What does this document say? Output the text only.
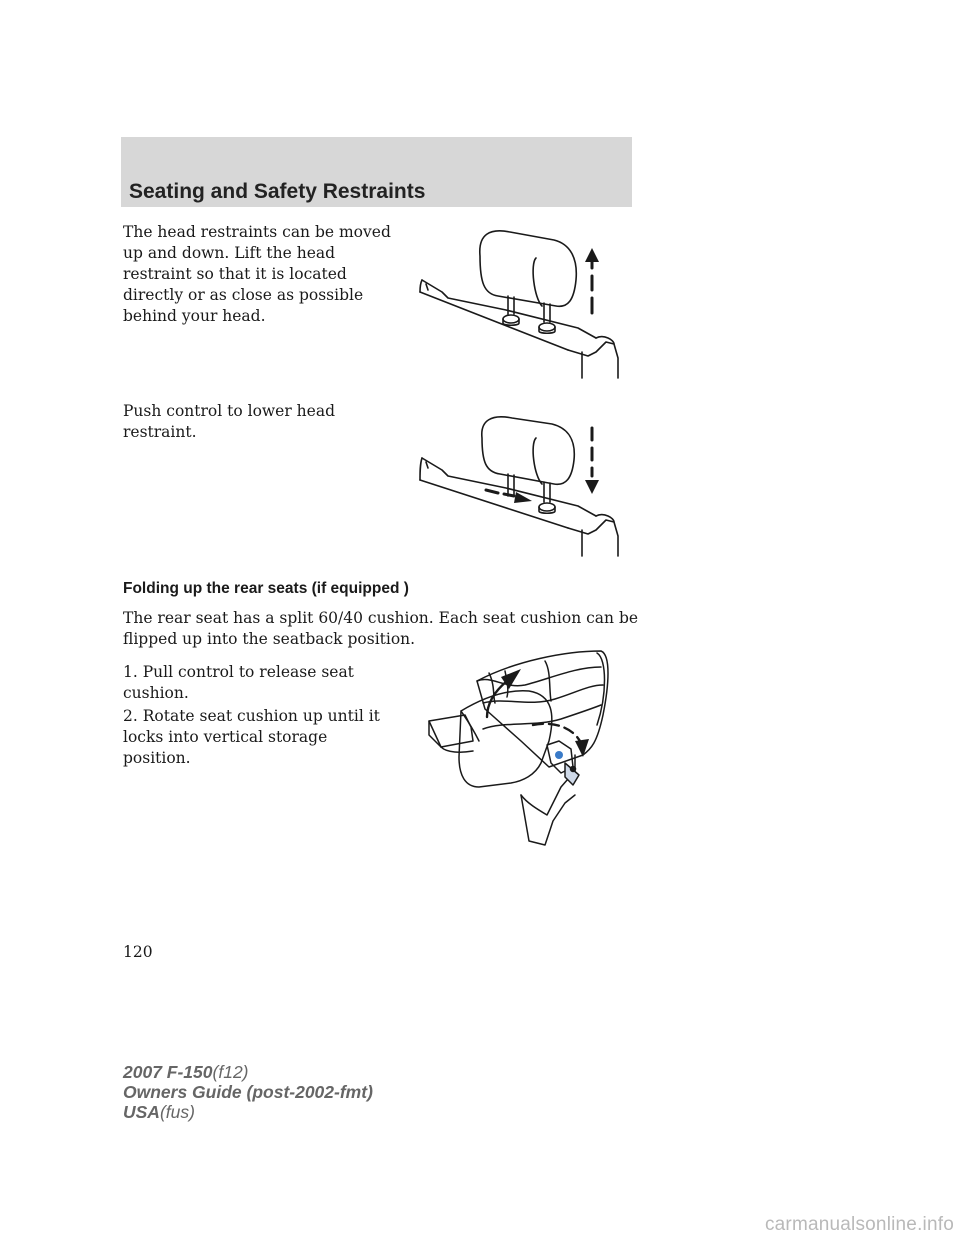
Seating and Safety Restraints

The head restraints can be moved up and down. Lift the head restraint so that it is located directly or as close as possible behind your head.

Push control to lower head restraint.

Folding up the rear seats (if equipped )

The rear seat has a split 60/40 cushion. Each seat cushion can be flipped up into the seatback position.

1. Pull control to release seat cushion.

2. Rotate seat cushion up until it locks into vertical storage position.

120

2007 F-150(f12)
Owners Guide (post-2002-fmt)
USA(fus)
carmanualsonline.info
